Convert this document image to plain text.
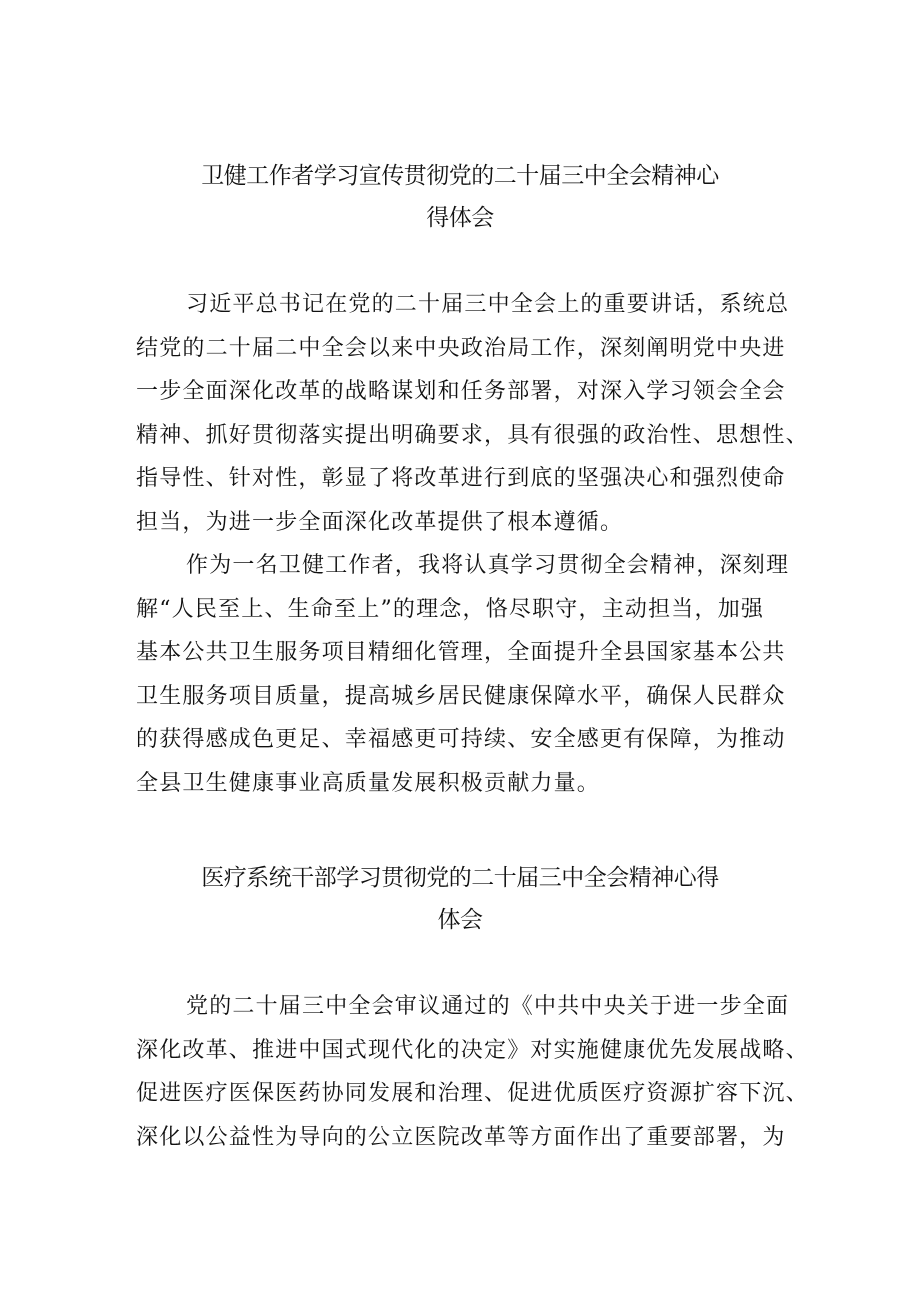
卫健工作者学习宣传贯彻党的二十届三中全会精神心
得体会
习近平总书记在党的二十届三中全会上的重要讲话，系统总
结党的二十届二中全会以来中央政治局工作，深刻阐明党中央进
一步全面深化改革的战略谋划和任务部署，对深入学习领会全会
精神、抓好贯彻落实提出明确要求，具有很强的政治性、思想性、
指导性、针对性，彰显了将改革进行到底的坚强决心和强烈使命
担当，为进一步全面深化改革提供了根本遵循。
作为一名卫健工作者，我将认真学习贯彻全会精神，深刻理
解“人民至上、生命至上”的理念，恪尽职守，主动担当，加强
基本公共卫生服务项目精细化管理，全面提升全县国家基本公共
卫生服务项目质量，提高城乡居民健康保障水平，确保人民群众
的获得感成色更足、幸福感更可持续、安全感更有保障，为推动
全县卫生健康事业高质量发展积极贡献力量。
医疗系统干部学习贯彻党的二十届三中全会精神心得
体会
党的二十届三中全会审议通过的《中共中央关于进一步全面
深化改革、推进中国式现代化的决定》对实施健康优先发展战略、
促进医疗医保医药协同发展和治理、促进优质医疗资源扩容下沉、
深化以公益性为导向的公立医院改革等方面作出了重要部署，为
